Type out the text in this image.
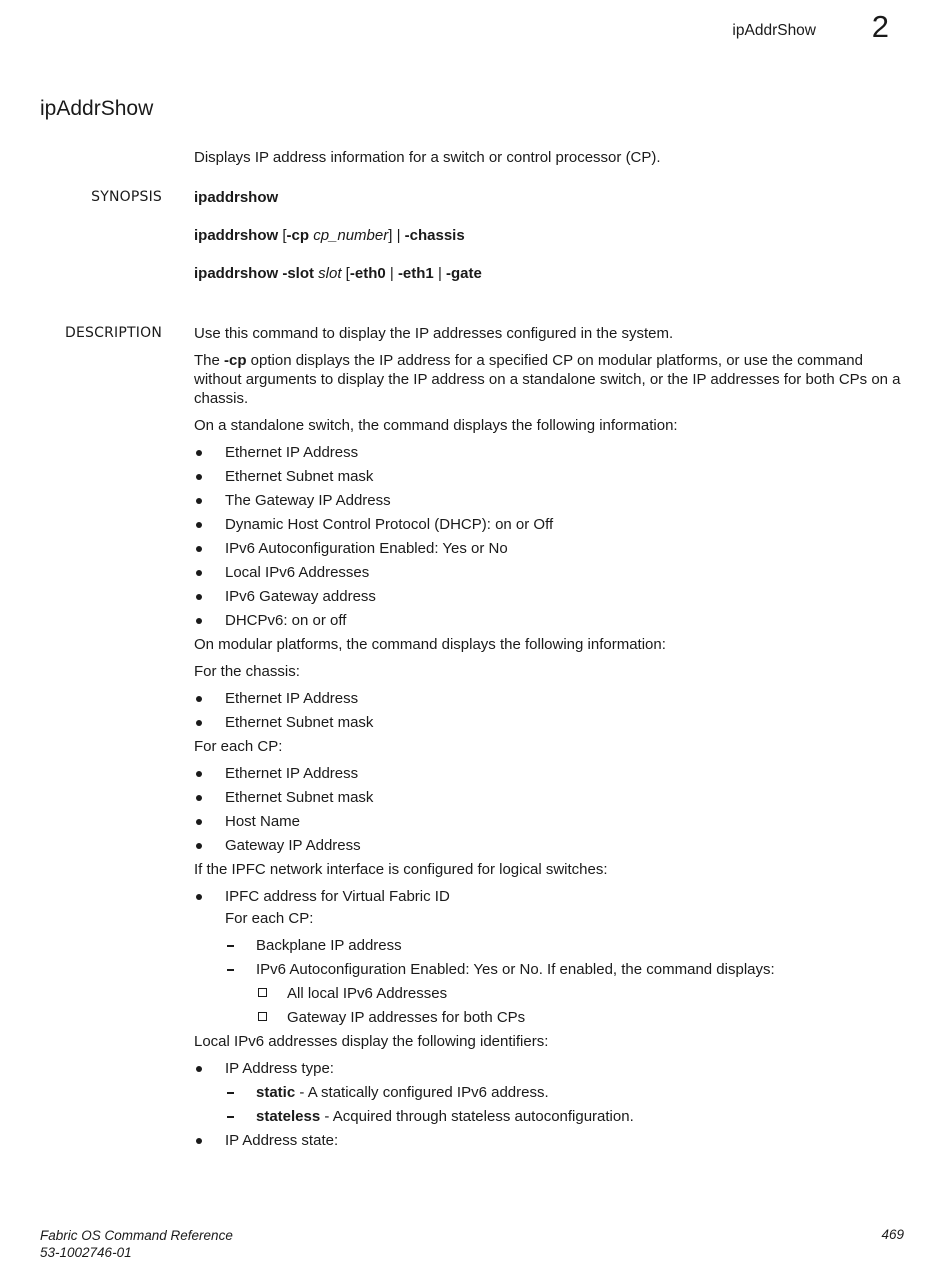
ipAddrShow 2
ipAddrShow
Displays IP address information for a switch or control processor (CP).
SYNOPSIS ipaddrshow
ipaddrshow [-cp cp_number] | -chassis
ipaddrshow -slot slot [-eth0 | -eth1 | -gate
DESCRIPTION Use this command to display the IP addresses configured in the system.

The -cp option displays the IP address for a specified CP on modular platforms, or use the command without arguments to display the IP address on a standalone switch, or the IP addresses for both CPs on a chassis.

On a standalone switch, the command displays the following information:

Ethernet IP Address
Ethernet Subnet mask
The Gateway IP Address
Dynamic Host Control Protocol (DHCP): on or Off
IPv6 Autoconfiguration Enabled: Yes or No
Local IPv6 Addresses
IPv6 Gateway address
DHCPv6: on or off

On modular platforms, the command displays the following information:

For the chassis:

Ethernet IP Address
Ethernet Subnet mask

For each CP:

Ethernet IP Address
Ethernet Subnet mask
Host Name
Gateway IP Address

If the IPFC network interface is configured for logical switches:

IPFC address for Virtual Fabric ID

For each CP:

Backplane IP address
IPv6 Autoconfiguration Enabled: Yes or No. If enabled, the command displays:
All local IPv6 Addresses
Gateway IP addresses for both CPs

Local IPv6 addresses display the following identifiers:

IP Address type:
static - A statically configured IPv6 address.
stateless - Acquired through stateless autoconfiguration.
IP Address state:
Fabric OS Command Reference
53-1002746-01
469
